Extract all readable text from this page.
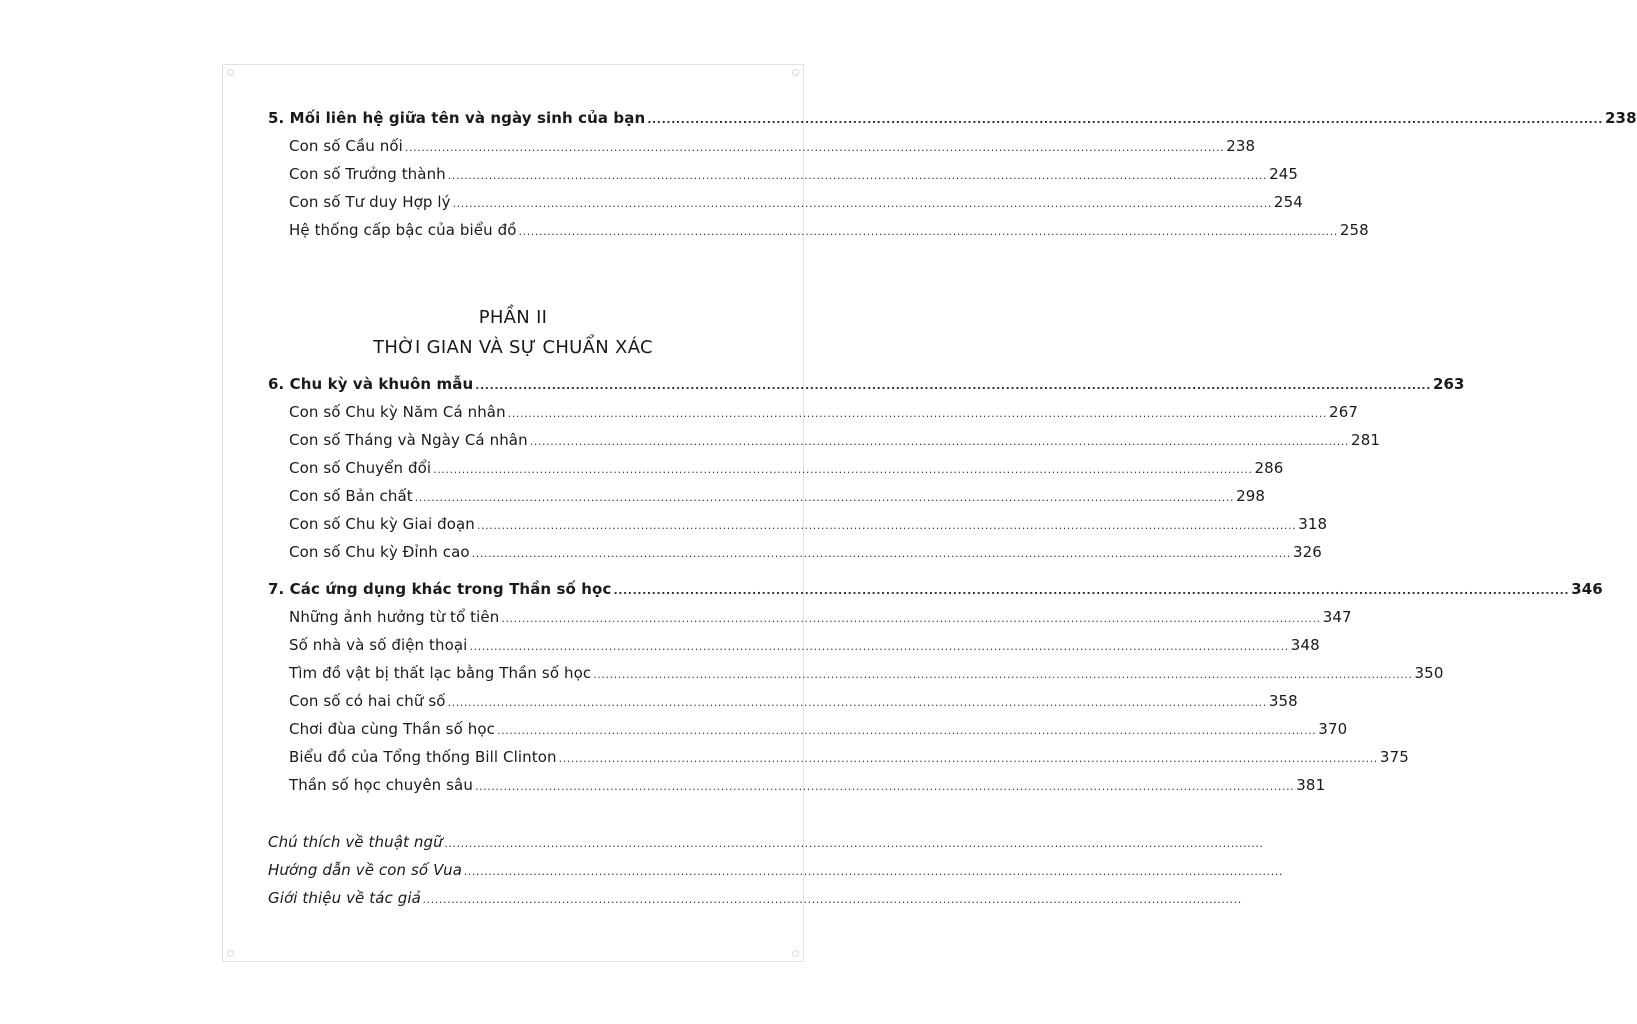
5. Mối liên hệ giữa tên và ngày sinh của bạn ........................................................................................................................................................................................................ 238
Con số Cầu nối ........................................................................................................................................................................................................ 238
Con số Trưởng thành ........................................................................................................................................................................................................ 245
Con số Tư duy Hợp lý ........................................................................................................................................................................................................ 254
Hệ thống cấp bậc của biểu đồ ........................................................................................................................................................................................................ 258
PHẦN II
THỜI GIAN VÀ SỰ CHUẨN XÁC
6. Chu kỳ và khuôn mẫu ........................................................................................................................................................................................................ 263
Con số Chu kỳ Năm Cá nhân ........................................................................................................................................................................................................ 267
Con số Tháng và Ngày Cá nhân ........................................................................................................................................................................................................ 281
Con số Chuyển đổi ........................................................................................................................................................................................................ 286
Con số Bản chất ........................................................................................................................................................................................................ 298
Con số Chu kỳ Giai đoạn ........................................................................................................................................................................................................ 318
Con số Chu kỳ Đỉnh cao ........................................................................................................................................................................................................ 326
7. Các ứng dụng khác trong Thần số học ........................................................................................................................................................................................................ 346
Những ảnh hưởng từ tổ tiên ........................................................................................................................................................................................................ 347
Số nhà và số điện thoại ........................................................................................................................................................................................................ 348
Tìm đồ vật bị thất lạc bằng Thần số học ........................................................................................................................................................................................................ 350
Con số có hai chữ số ........................................................................................................................................................................................................ 358
Chơi đùa cùng Thần số học ........................................................................................................................................................................................................ 370
Biểu đồ của Tổng thống Bill Clinton ........................................................................................................................................................................................................ 375
Thần số học chuyên sâu ........................................................................................................................................................................................................ 381
Chú thích về thuật ngữ ........................................................................................................................................................................................................
Hướng dẫn về con số Vua ........................................................................................................................................................................................................
Giới thiệu về tác giả ........................................................................................................................................................................................................
